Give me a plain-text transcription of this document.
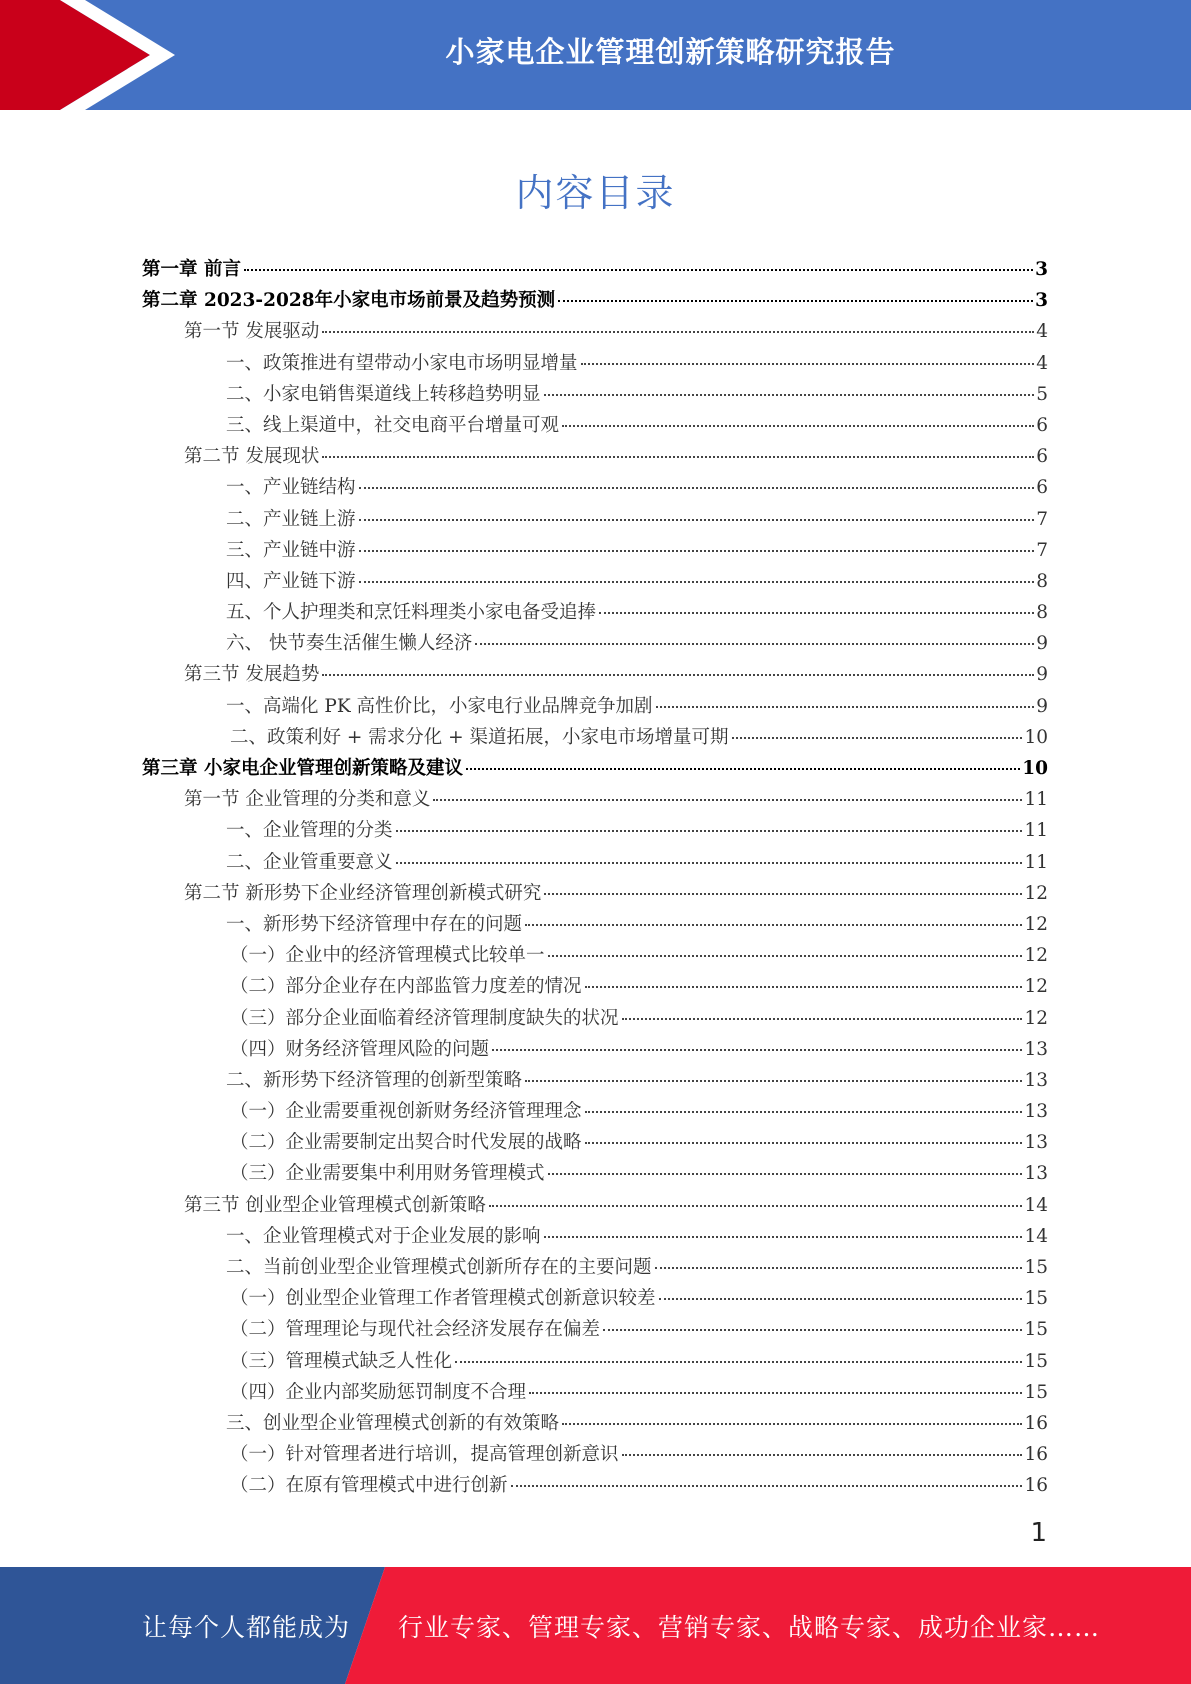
小家电企业管理创新策略研究报告
内容目录
第一章 前言	3
第二章 2023-2028年小家电市场前景及趋势预测	3
第一节 发展驱动	4
一、政策推进有望带动小家电市场明显增量	4
二、小家电销售渠道线上转移趋势明显	5
三、线上渠道中，社交电商平台增量可观	6
第二节 发展现状	6
一、产业链结构	6
二、产业链上游	7
三、产业链中游	7
四、产业链下游	8
五、个人护理类和烹饪料理类小家电备受追捧	8
六、 快节奏生活催生懒人经济	9
第三节 发展趋势	9
一、高端化 PK 高性价比，小家电行业品牌竞争加剧	9
二、政策利好 + 需求分化 + 渠道拓展，小家电市场增量可期	10
第三章 小家电企业管理创新策略及建议	10
第一节 企业管理的分类和意义	11
一、企业管理的分类	11
二、企业管重要意义	11
第二节 新形势下企业经济管理创新模式研究	12
一、新形势下经济管理中存在的问题	12
（一）企业中的经济管理模式比较单一	12
（二）部分企业存在内部监管力度差的情况	12
（三）部分企业面临着经济管理制度缺失的状况	12
（四）财务经济管理风险的问题	13
二、新形势下经济管理的创新型策略	13
（一）企业需要重视创新财务经济管理理念	13
（二）企业需要制定出契合时代发展的战略	13
（三）企业需要集中利用财务管理模式	13
第三节 创业型企业管理模式创新策略	14
一、企业管理模式对于企业发展的影响	14
二、当前创业型企业管理模式创新所存在的主要问题	15
（一）创业型企业管理工作者管理模式创新意识较差	15
（二）管理理论与现代社会经济发展存在偏差	15
（三）管理模式缺乏人性化	15
（四）企业内部奖励惩罚制度不合理	15
三、创业型企业管理模式创新的有效策略	16
（一）针对管理者进行培训，提高管理创新意识	16
（二）在原有管理模式中进行创新	16
1
让每个人都能成为 行业专家、管理专家、营销专家、战略专家、成功企业家……
